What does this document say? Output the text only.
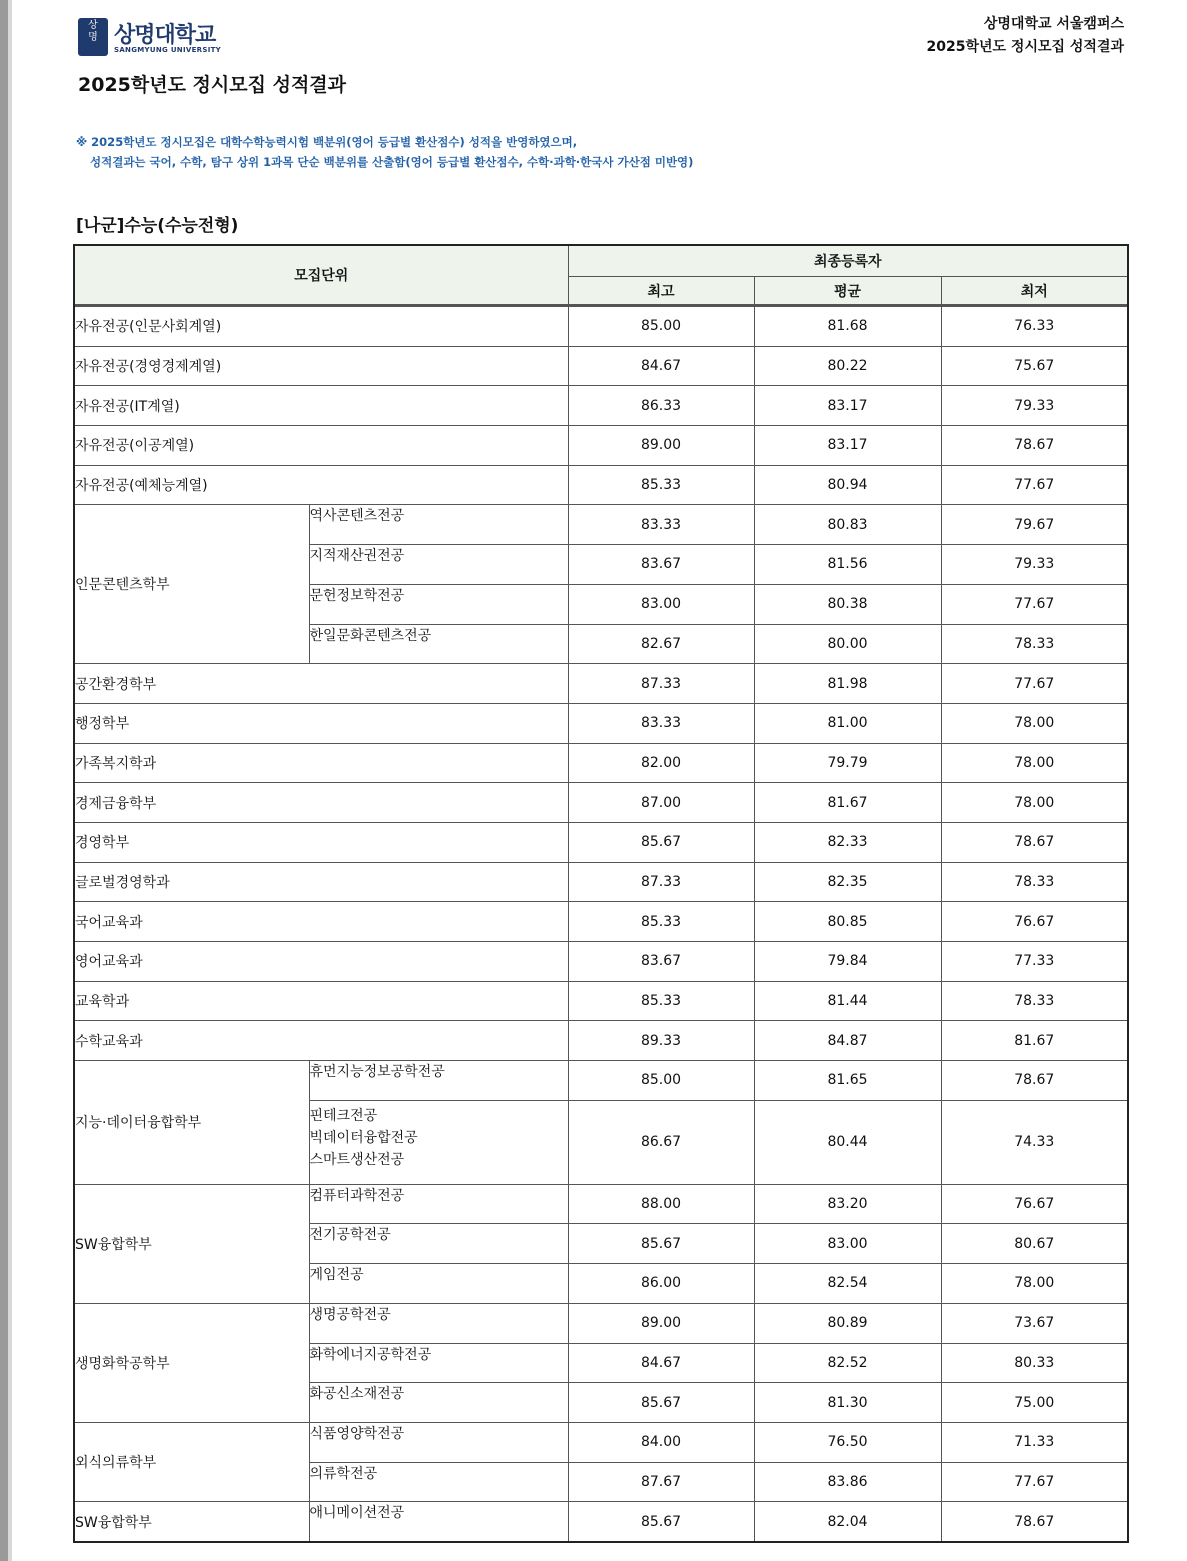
상
명 상명대학교
SANGMYUNG UNIVERSITY
상명대학교 서울캠퍼스
2025학년도 정시모집 성적결과
2025학년도 정시모집 성적결과
※ 2025학년도 정시모집은 대학수학능력시험 백분위(영어 등급별 환산점수) 성적을 반영하였으며,
성적결과는 국어, 수학, 탐구 상위 1과목 단순 백분위를 산출함(영어 등급별 환산점수, 수학·과학·한국사 가산점 미반영)
[나군]수능(수능전형)
모집단위		최종등록자		
		최고	평균	최저

자유전공(인문사회계열)		85.00	81.68	76.33
자유전공(경영경제계열)		84.67	80.22	75.67
자유전공(IT계열)		86.33	83.17	79.33
자유전공(이공계열)		89.00	83.17	78.67
자유전공(예체능계열)		85.33	80.94	77.67
인문콘텐츠학부	역사콘텐츠전공	83.33	80.83	79.67
	지적재산권전공	83.67	81.56	79.33
	문헌정보학전공	83.00	80.38	77.67
	한일문화콘텐츠전공	82.67	80.00	78.33
공간환경학부		87.33	81.98	77.67
행정학부		83.33	81.00	78.00
가족복지학과		82.00	79.79	78.00
경제금융학부		87.00	81.67	78.00
경영학부		85.67	82.33	78.67
글로벌경영학과		87.33	82.35	78.33
국어교육과		85.33	80.85	76.67
영어교육과		83.67	79.84	77.33
교육학과		85.33	81.44	78.33
수학교육과		89.33	84.87	81.67
지능·데이터융합학부	휴먼지능정보공학전공	85.00	81.65	78.67

	핀테크전공
빅데이터융합전공
스마트생산전공	86.67	80.44	74.33
SW융합학부	컴퓨터과학전공	88.00	83.20	76.67
	전기공학전공	85.67	83.00	80.67
	게임전공	86.00	82.54	78.00
생명화학공학부	생명공학전공	89.00	80.89	73.67
	화학에너지공학전공	84.67	82.52	80.33
	화공신소재전공	85.67	81.30	75.00
외식의류학부	식품영양학전공	84.00	76.50	71.33
	의류학전공	87.67	83.86	77.67
SW융합학부	애니메이션전공	85.67	82.04	78.67
